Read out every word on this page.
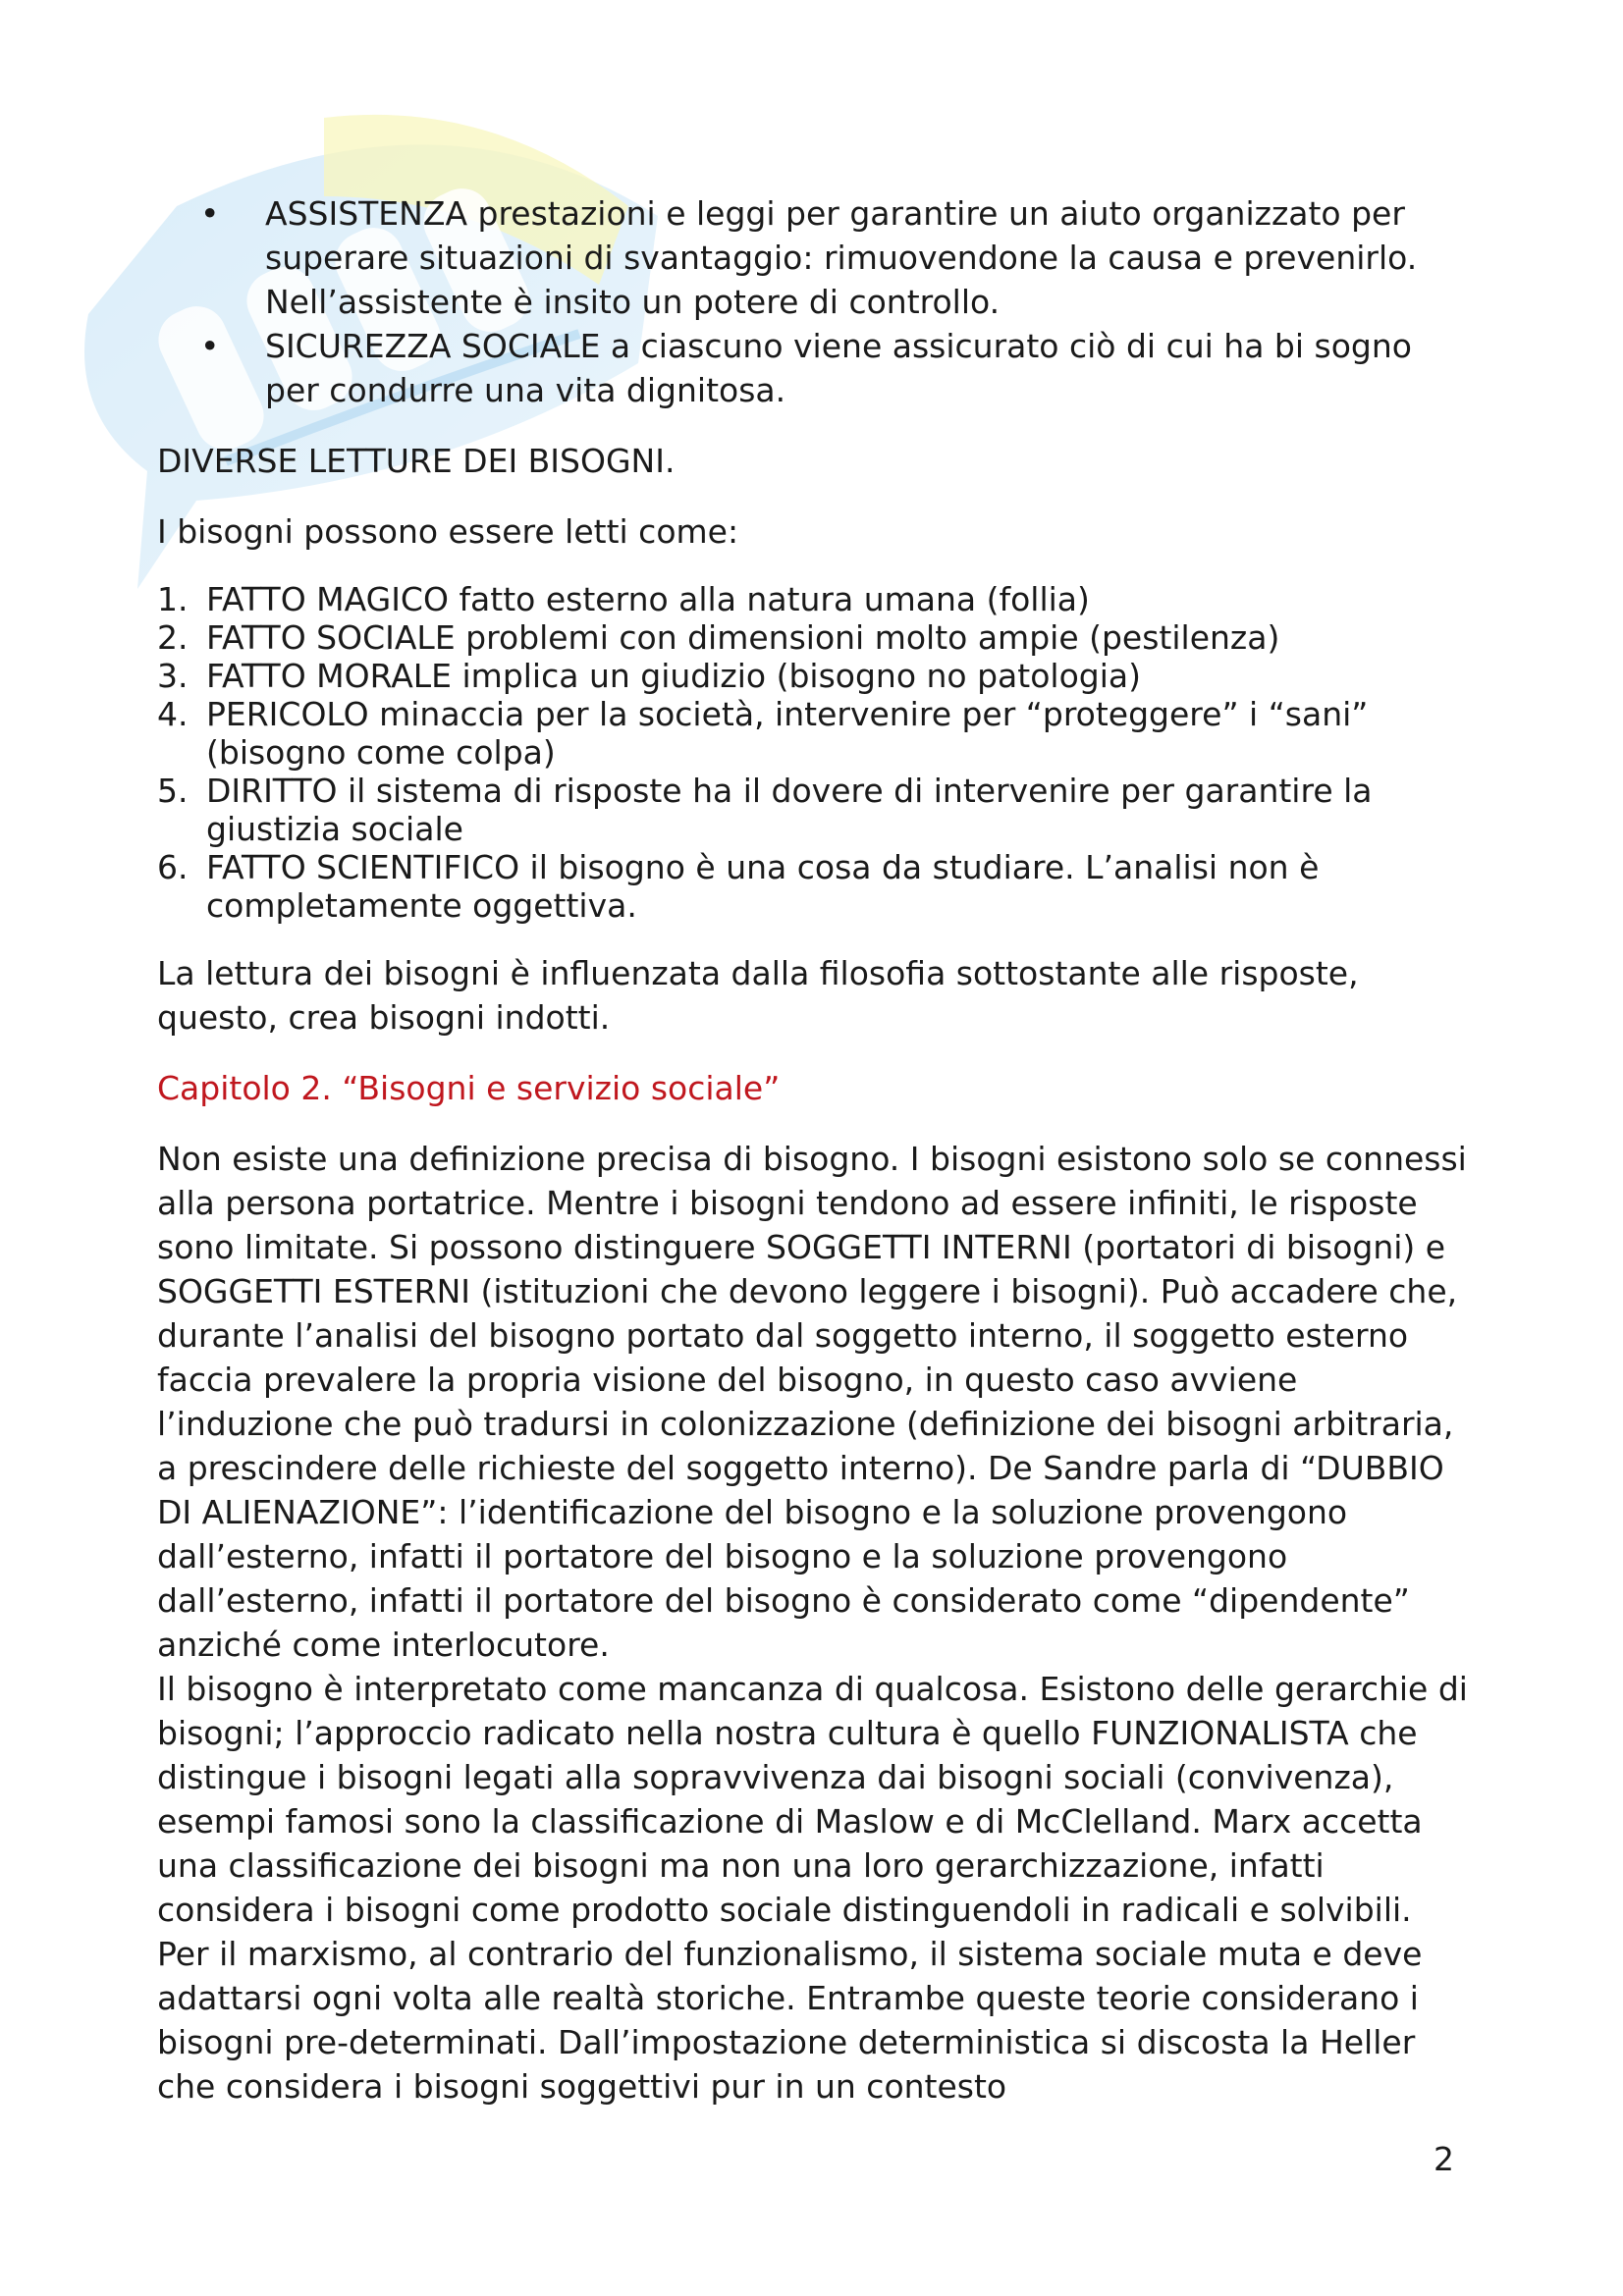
• ASSISTENZA prestazioni e leggi per garantire un aiuto organizzato per superare situazioni di svantaggio: rimuovendone la causa e prevenirlo. Nell’assistente è insito un potere di controllo.
• SICUREZZA SOCIALE a ciascuno viene assicurato ciò di cui ha bi sogno per condurre una vita dignitosa.

DIVERSE LETTURE DEI BISOGNI.

I bisogni possono essere letti come:

1. FATTO MAGICO fatto esterno alla natura umana (follia)
2. FATTO SOCIALE problemi con dimensioni molto ampie (pestilenza)
3. FATTO MORALE implica un giudizio (bisogno no patologia)
4. PERICOLO minaccia per la società, intervenire per “proteggere” i “sani” (bisogno come colpa)
5. DIRITTO il sistema di risposte ha il dovere di intervenire per garantire la giustizia sociale
6. FATTO SCIENTIFICO il bisogno è una cosa da studiare. L’analisi non è completamente oggettiva.

La lettura dei bisogni è influenzata dalla filosofia sottostante alle risposte, questo, crea bisogni indotti.

Capitolo 2. “Bisogni e servizio sociale”

Non esiste una definizione precisa di bisogno. I bisogni esistono solo se connessi alla persona portatrice. Mentre i bisogni tendono ad essere infiniti, le risposte sono limitate. Si possono distinguere SOGGETTI INTERNI (portatori di bisogni) e SOGGETTI ESTERNI (istituzioni che devono leggere i bisogni). Può accadere che, durante l’analisi del bisogno portato dal soggetto interno, il soggetto esterno faccia prevalere la propria visione del bisogno, in questo caso avviene l’induzione che può tradursi in colonizzazione (definizione dei bisogni arbitraria, a prescindere delle richieste del soggetto interno). De Sandre parla di “DUBBIO DI ALIENAZIONE”: l’identificazione del bisogno e la soluzione provengono dall’esterno, infatti il portatore del bisogno e la soluzione provengono dall’esterno, infatti il portatore del bisogno è considerato come “dipendente” anziché come interlocutore.

Il bisogno è interpretato come mancanza di qualcosa. Esistono delle gerarchie di bisogni; l’approccio radicato nella nostra cultura è quello FUNZIONALISTA che distingue i bisogni legati alla sopravvivenza dai bisogni sociali (convivenza), esempi famosi sono la classificazione di Maslow e di McClelland. Marx accetta una classificazione dei bisogni ma non una loro gerarchizzazione, infatti considera i bisogni come prodotto sociale distinguendoli in radicali e solvibili. Per il marxismo, al contrario del funzionalismo, il sistema sociale muta e deve adattarsi ogni volta alle realtà storiche. Entrambe queste teorie considerano i bisogni pre-determinati. Dall’impostazione deterministica si discosta la Heller che considera i bisogni soggettivi pur in un contesto

2
